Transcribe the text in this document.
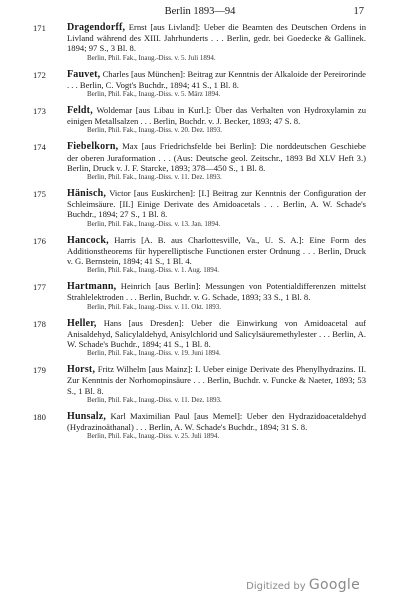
Berlin 1893—94	17
171 Dragendorff, Ernst [aus Livland]: Ueber die Beamten des Deutschen Ordens in Livland während des XIII. Jahrhunderts . . . Berlin, gedr. bei Goedecke & Gallinek. 1894; 97 S., 3 Bl. 8.
Berlin, Phil. Fak., Inaug.-Diss. v. 5. Juli 1894.
172 Fauvet, Charles [aus München]: Beitrag zur Kenntnis der Alkaloide der Pereirorinde . . . Berlin, C. Vogt's Buchdr., 1894; 41 S., 1 Bl. 8.
Berlin, Phil. Fak., Inaug.-Diss. v. 5. März 1894.
173 Feldt, Woldemar [aus Libau in Kurl.]: Über das Verhalten von Hydroxylamin zu einigen Metallsalzen . . . Berlin, Buchdr. v. J. Becker, 1893; 47 S. 8.
Berlin, Phil. Fak., Inaug.-Diss. v. 20. Dez. 1893.
174 Fiebelkorn, Max [aus Friedrichsfelde bei Berlin]: Die norddeutschen Geschiebe der oberen Juraformation . . . (Aus: Deutsche geol. Zeitschr., 1893 Bd XLV Heft 3.) Berlin, Druck v. J. F. Starcke, 1893; 378—450 S., 1 Bl. 8.
Berlin, Phil. Fak., Inaug.-Diss. v. 11. Dez. 1893.
175 Hänisch, Victor [aus Euskirchen]: [I.] Beitrag zur Kenntnis der Configuration der Schleimsäure. [II.] Einige Derivate des Amidoacetals . . . Berlin, A. W. Schade's Buchdr., 1894; 27 S., 1 Bl. 8.
Berlin, Phil. Fak., Inaug.-Diss. v. 13. Jan. 1894.
176 Hancock, Harris [A. B. aus Charlottesville, Va., U. S. A.]: Eine Form des Additionstheorems für hyperelliptische Functionen erster Ordnung . . . Berlin, Druck v. G. Bernstein, 1894; 41 S., 1 Bl. 4.
Berlin, Phil. Fak., Inaug.-Diss. v. 1. Aug. 1894.
177 Hartmann, Heinrich [aus Berlin]: Messungen von Potentialdifferenzen mittelst Strahlelektroden . . . Berlin, Buchdr. v. G. Schade, 1893; 33 S., 1 Bl. 8.
Berlin, Phil. Fak., Inaug.-Diss. v. 11. Okt. 1893.
178 Heller, Hans [aus Dresden]: Ueber die Einwirkung von Amidoacetal auf Anisaldehyd, Salicylaldehyd, Anisylchlorid und Salicylsäuremethylester . . . Berlin, A. W. Schade's Buchdr., 1894; 41 S., 1 Bl. 8.
Berlin, Phil. Fak., Inaug.-Diss. v. 19. Juni 1894.
179 Horst, Fritz Wilhelm [aus Mainz]: I. Ueber einige Derivate des Phenylhydrazins. II. Zur Kenntnis der Norhomopinsäure . . . Berlin, Buchdr. v. Funcke & Naeter, 1893; 53 S., 1 Bl. 8.
Berlin, Phil. Fak., Inaug.-Diss. v. 11. Dez. 1893.
180 Hunsalz, Karl Maximilian Paul [aus Memel]: Ueber den Hydrazidoacetaldehyd (Hydrazinoäthanal) . . . Berlin, A. W. Schade's Buchdr., 1894; 31 S. 8.
Berlin, Phil. Fak., Inaug.-Diss. v. 25. Juli 1894.
Digitized by Google
